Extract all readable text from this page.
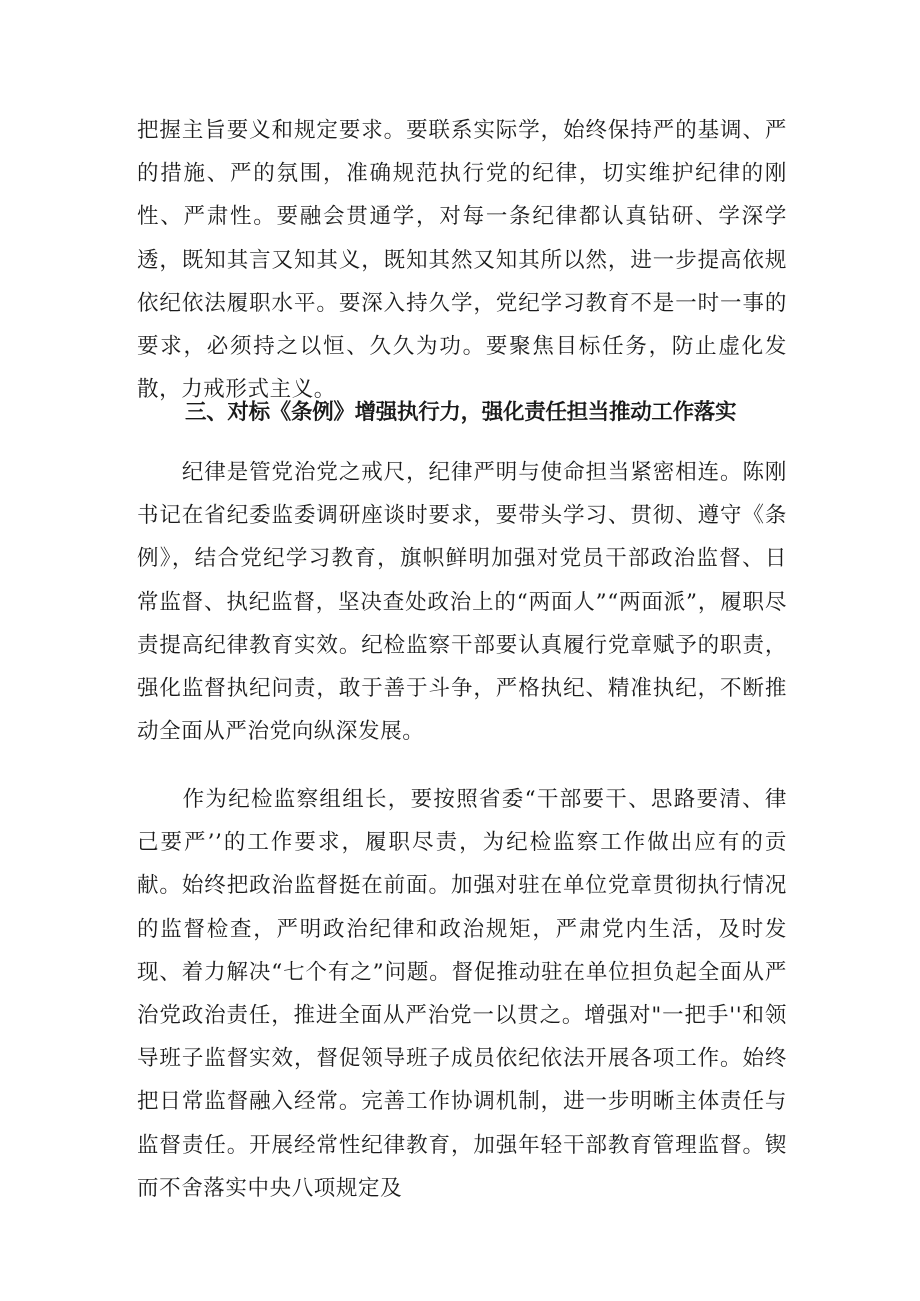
把握主旨要义和规定要求。要联系实际学，始终保持严的基调、严的措施、严的氛围，准确规范执行党的纪律，切实维护纪律的刚性、严肃性。要融会贯通学，对每一条纪律都认真钻研、学深学透，既知其言又知其义，既知其然又知其所以然，进一步提高依规依纪依法履职水平。要深入持久学，党纪学习教育不是一时一事的要求，必须持之以恒、久久为功。要聚焦目标任务，防止虚化发散，力戒形式主义。

三、对标《条例》增强执行力，强化责任担当推动工作落实

　　纪律是管党治党之戒尺，纪律严明与使命担当紧密相连。陈刚书记在省纪委监委调研座谈时要求，要带头学习、贯彻、遵守《条例》，结合党纪学习教育，旗帜鲜明加强对党员干部政治监督、日常监督、执纪监督，坚决查处政治上的“两面人”“两面派”，履职尽责提高纪律教育实效。纪检监察干部要认真履行党章赋予的职责，强化监督执纪问责，敢于善于斗争，严格执纪、精准执纪，不断推动全面从严治党向纵深发展。

　　作为纪检监察组组长，要按照省委“干部要干、思路要清、律己要严’’的工作要求，履职尽责，为纪检监察工作做出应有的贡献。始终把政治监督挺在前面。加强对驻在单位党章贯彻执行情况的监督检查，严明政治纪律和政治规矩，严肃党内生活，及时发现、着力解决“七个有之”问题。督促推动驻在单位担负起全面从严治党政治责任，推进全面从严治党一以贯之。增强对"一把手''和领导班子监督实效，督促领导班子成员依纪依法开展各项工作。始终把日常监督融入经常。完善工作协调机制，进一步明晰主体责任与监督责任。开展经常性纪律教育，加强年轻干部教育管理监督。锲而不舍落实中央八项规定及
